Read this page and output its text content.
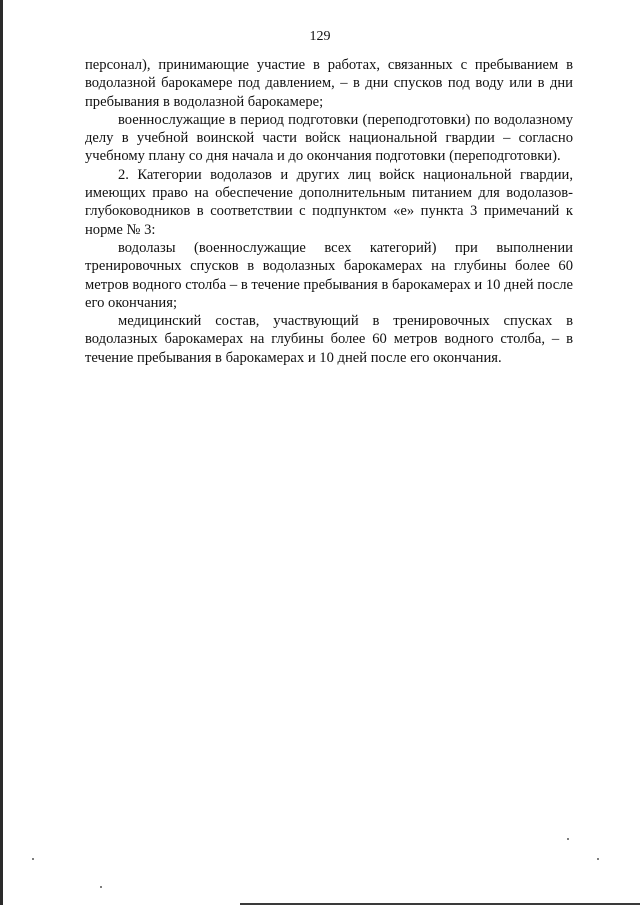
129

персонал), принимающие участие в работах, связанных с пребыванием в водолазной барокамере под давлением, – в дни спусков под воду или в дни пребывания в водолазной барокамере;

военнослужащие в период подготовки (переподготовки) по водолазному делу в учебной воинской части войск национальной гвардии – согласно учебному плану со дня начала и до окончания подготовки (переподготовки).

2. Категории водолазов и других лиц войск национальной гвардии, имеющих право на обеспечение дополнительным питанием для водолазов-глубоководников в соответствии с подпунктом «е» пункта 3 примечаний к норме № 3:

водолазы (военнослужащие всех категорий) при выполнении тренировочных спусков в водолазных барокамерах на глубины более 60 метров водного столба – в течение пребывания в барокамерах и 10 дней после его окончания;

медицинский состав, участвующий в тренировочных спусках в водолазных барокамерах на глубины более 60 метров водного столба, – в течение пребывания в барокамерах и 10 дней после его окончания.
